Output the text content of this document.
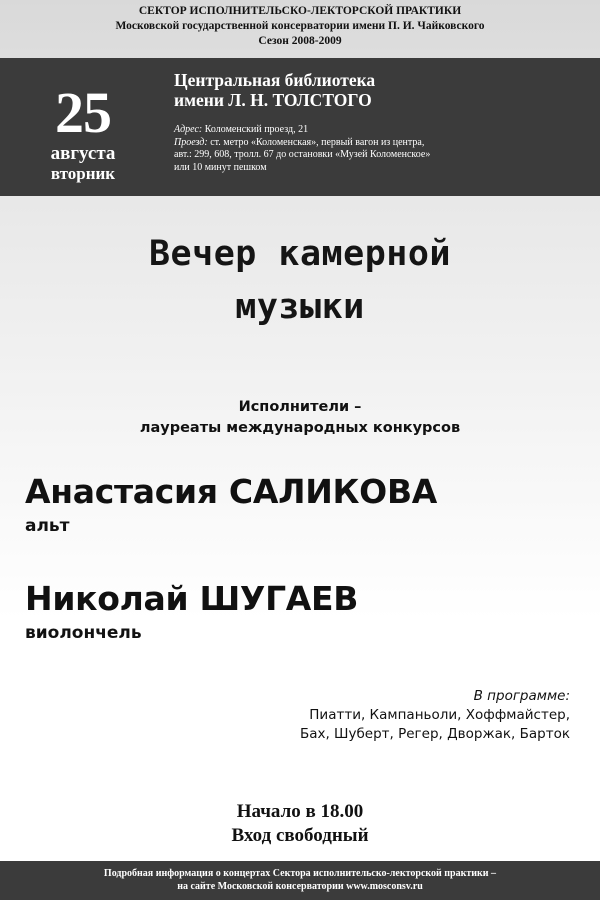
СЕКТОР ИСПОЛНИТЕЛЬСКО-ЛЕКТОРСКОЙ ПРАКТИКИ
Московской государственной консерватории имени П. И. Чайковского
Сезон 2008-2009
25
августа
вторник
Центральная библиотека
имени Л. Н. ТОЛСТОГО
Адрес: Коломенский проезд, 21
Проезд: ст. метро «Коломенская», первый вагон из центра,
авт.: 299, 608, тролл. 67 до остановки «Музей Коломенское»
или 10 минут пешком
Вечер камерной
музыки
Исполнители –
лауреаты международных конкурсов
Анастасия САЛИКОВА
альт
Николай ШУГАЕВ
виолончель
В программе:
Пиатти, Кампаньоли, Хоффмайстер,
Бах, Шуберт, Регер, Дворжак, Барток
Начало в 18.00
Вход свободный
Подробная информация о концертах Сектора исполнительско-лекторской практики –
на сайте Московской консерватории www.mosconsv.ru
